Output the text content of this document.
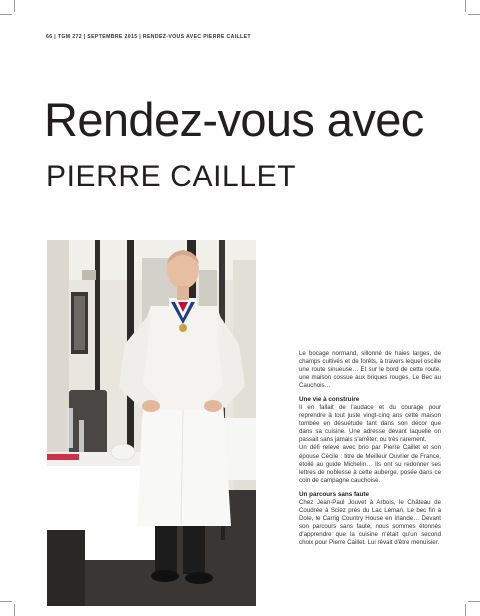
66 | TGM 272 | SEPTEMBRE 2015 | RENDEZ-VOUS AVEC PIERRE CAILLET
Rendez-vous avec
PIERRE CAILLET

Le bocage normand, sillonné de haies larges, de champs cultivés et de forêts, à travers lequel oscille une route sinueuse… Et sur le bord de cette route, une maison cossue aux briques rouges. Le Bec au Cauchois…

Une vie à construire

Il en fallait de l'audace et du courage pour reprendre à tout juste vingt-cinq ans cette maison tombée en désuétude tant dans son décor que dans sa cuisine. Une adresse devant laquelle on passait sans jamais s'arrêter, ou très rarement.

Un défi relevé avec brio par Pierre Caillet et son épouse Cécile : titre de Meilleur Ouvrier de France, étoilé au guide Michelin… Ils ont su redonner ses lettres de noblesse à cette auberge, posée dans ce coin de campagne cauchoise.

Un parcours sans faute

Chez Jean-Paul Jouvet à Arbois, le Château de Coudrée à Sciez près du Lac Léman, Le bec fin à Dole, le Carrig Country House en Irlande… Devant son parcours sans faute, nous sommes étonnés d'apprendre que la cuisine n'était qu'un second choix pour Pierre Caillet. Lui rêvait d'être menuisier.
